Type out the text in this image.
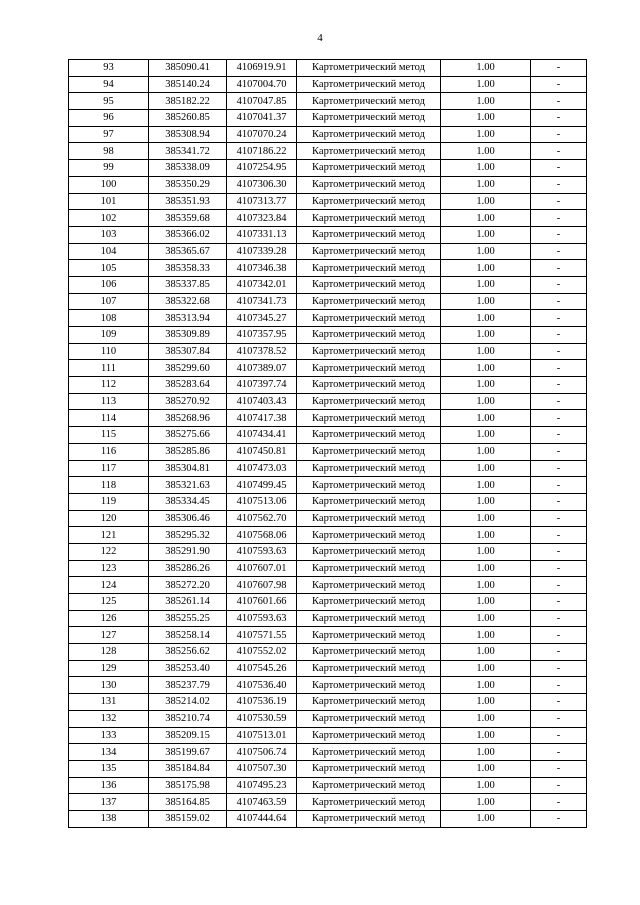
4
93	385090.41	4106919.91	Картометрический метод	1.00	-
94	385140.24	4107004.70	Картометрический метод	1.00	-
95	385182.22	4107047.85	Картометрический метод	1.00	-
96	385260.85	4107041.37	Картометрический метод	1.00	-
97	385308.94	4107070.24	Картометрический метод	1.00	-
98	385341.72	4107186.22	Картометрический метод	1.00	-
99	385338.09	4107254.95	Картометрический метод	1.00	-
100	385350.29	4107306.30	Картометрический метод	1.00	-
101	385351.93	4107313.77	Картометрический метод	1.00	-
102	385359.68	4107323.84	Картометрический метод	1.00	-
103	385366.02	4107331.13	Картометрический метод	1.00	-
104	385365.67	4107339.28	Картометрический метод	1.00	-
105	385358.33	4107346.38	Картометрический метод	1.00	-
106	385337.85	4107342.01	Картометрический метод	1.00	-
107	385322.68	4107341.73	Картометрический метод	1.00	-
108	385313.94	4107345.27	Картометрический метод	1.00	-
109	385309.89	4107357.95	Картометрический метод	1.00	-
110	385307.84	4107378.52	Картометрический метод	1.00	-
111	385299.60	4107389.07	Картометрический метод	1.00	-
112	385283.64	4107397.74	Картометрический метод	1.00	-
113	385270.92	4107403.43	Картометрический метод	1.00	-
114	385268.96	4107417.38	Картометрический метод	1.00	-
115	385275.66	4107434.41	Картометрический метод	1.00	-
116	385285.86	4107450.81	Картометрический метод	1.00	-
117	385304.81	4107473.03	Картометрический метод	1.00	-
118	385321.63	4107499.45	Картометрический метод	1.00	-
119	385334.45	4107513.06	Картометрический метод	1.00	-
120	385306.46	4107562.70	Картометрический метод	1.00	-
121	385295.32	4107568.06	Картометрический метод	1.00	-
122	385291.90	4107593.63	Картометрический метод	1.00	-
123	385286.26	4107607.01	Картометрический метод	1.00	-
124	385272.20	4107607.98	Картометрический метод	1.00	-
125	385261.14	4107601.66	Картометрический метод	1.00	-
126	385255.25	4107593.63	Картометрический метод	1.00	-
127	385258.14	4107571.55	Картометрический метод	1.00	-
128	385256.62	4107552.02	Картометрический метод	1.00	-
129	385253.40	4107545.26	Картометрический метод	1.00	-
130	385237.79	4107536.40	Картометрический метод	1.00	-
131	385214.02	4107536.19	Картометрический метод	1.00	-
132	385210.74	4107530.59	Картометрический метод	1.00	-
133	385209.15	4107513.01	Картометрический метод	1.00	-
134	385199.67	4107506.74	Картометрический метод	1.00	-
135	385184.84	4107507.30	Картометрический метод	1.00	-
136	385175.98	4107495.23	Картометрический метод	1.00	-
137	385164.85	4107463.59	Картометрический метод	1.00	-
138	385159.02	4107444.64	Картометрический метод	1.00	-
